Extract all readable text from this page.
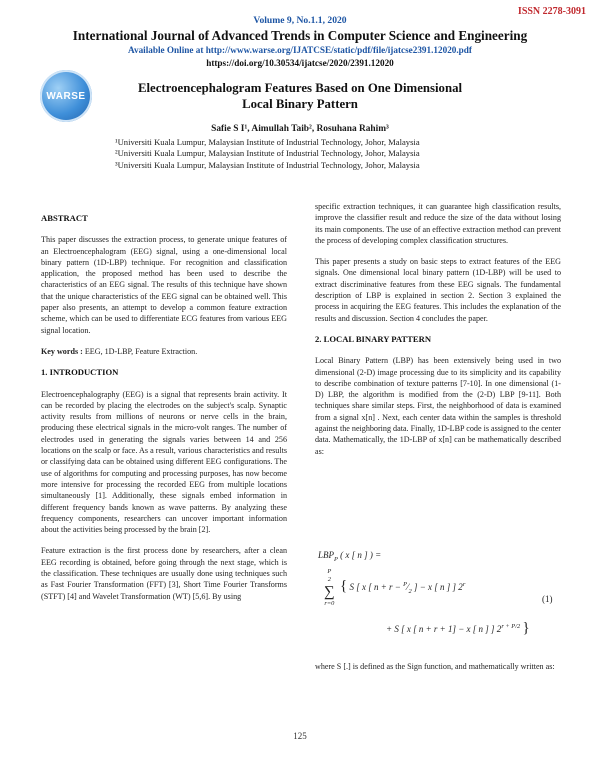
ISSN 2278-3091
Volume 9, No.1.1, 2020
International Journal of Advanced Trends in Computer Science and Engineering
Available Online at http://www.warse.org/IJATCSE/static/pdf/file/ijatcse2391.12020.pdf
https://doi.org/10.30534/ijatcse/2020/2391.12020
WARSE
Electroencephalogram Features Based on One Dimensional
Local Binary Pattern
Safie S I¹, Aimullah Taib², Rosuhana Rahim³
¹Universiti Kuala Lumpur, Malaysian Institute of Industrial Technology, Johor, Malaysia
²Universiti Kuala Lumpur, Malaysian Institute of Industrial Technology, Johor, Malaysia
³Universiti Kuala Lumpur, Malaysian Institute of Industrial Technology, Johor, Malaysia

ABSTRACT

This paper discusses the extraction process, to generate unique features of an Electroencephalogram (EEG) signal, using a one-dimensional local binary pattern (1D-LBP) technique. For recognition and classification application, the proposed method has been used to describe the characteristics of an EEG signal. The results of this technique have shown that the unique characteristics of the EEG signal can be obtained well. This paper also presents, an attempt to develop a common feature extraction scheme, which can be used to differentiate ECG features from various EEG signal location.

Key words : EEG, 1D-LBP, Feature Extraction.

1. INTRODUCTION

Electroencephalography (EEG) is a signal that represents brain activity. It can be recorded by placing the electrodes on the subject's scalp. Synaptic activity results from millions of neurons or nerve cells in the brain, producing these electrical signals in the micro-volt ranges. The number of electrodes used in generating the signals varies between 14 and 256 locations on the scalp or face. As a result, various characteristics and results or classifying data can be obtained using different EEG configurations. The use of algorithms for computing and processing purposes, has now become more intensive for processing the recorded EEG from multiple locations simultaneously [1]. Additionally, these signals embed information in different frequency bands known as wave patterns. By analyzing these frequency components, researchers can uncover important information about the activities being processed by the brain [2].

Feature extraction is the first process done by researchers, after a clean EEG recording is obtained, before going through the next stage, which is the classification. These techniques are usually done using techniques such as Fast Fourier Transformation (FFT) [3], Short Time Fourier Transforms (STFT) [4] and Wavelet Transformation (WT) [5,6]. By using

specific extraction techniques, it can guarantee high classification results, improve the classifier result and reduce the size of the data without losing its main components. The use of an effective extraction method can prevent the process of developing complex classification structures.

This paper presents a study on basic steps to extract features of the EEG signals. One dimensional local binary pattern (1D-LBP) will be used to extract discriminative features from these EEG signals. The fundamental description of LBP is explained in section 2. Section 3 explained the process in acquiring the EEG features. This includes the explanation of the results and discussion. Section 4 concludes the paper.

2. LOCAL BINARY PATTERN

Local Binary Pattern (LBP) has been extensively being used in two dimensional (2-D) image processing due to its simplicity and its capability to describe combination of texture patterns [7-10]. In one dimensional (1-D) LBP, the algorithm is modified from the (2-D) LBP [9-11]. Both techniques share similar steps. First, the neighborhood of data is examined from a signal x[n] . Next, each center data within the samples is threshold against the neighboring data. Finally, 1D-LBP code is assigned to the center data. Mathematically, the 1D-LBP of x[n] can be mathematically described as:

$LBP_P$ ( x [ n ] ) =
P
2
∑
r=0
{ S [ x [ $n + r - ^P⁄_2$ ] − x [ n ] ] $2^r$
+ S [ x [ n + r + 1] − x [ n ] ] $2^{r + P/2}$ }
(1)
where S [.] is defined as the Sign function, and mathematically written as:
125
